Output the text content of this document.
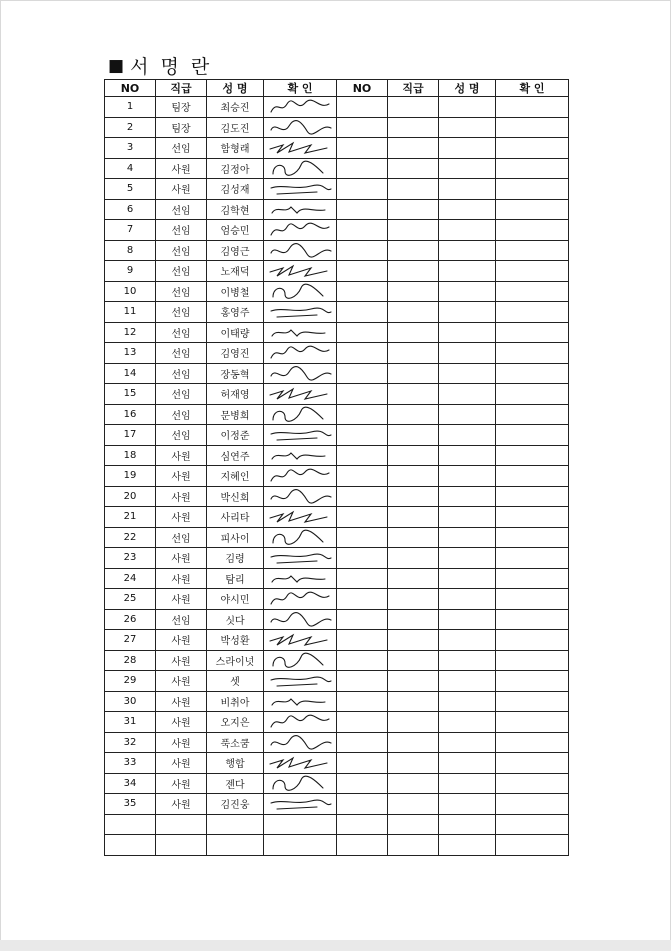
■ 서 명 란
NO	직급	성 명	확 인	NO	직급	성 명	확 인
1	팀장	최승진	

2	팀장	김도진	

3	선임	함형래	

4	사원	김정아	

5	사원	김성재	

6	선임	김학현	

7	선임	엄승민	

8	선임	김영근	

9	선임	노재덕	

10	선임	이병철	

11	선임	홍영주	

12	선임	이태량	

13	선임	김영진	

14	선임	장동혁	

15	선임	허재영	

16	선임	문병희	

17	선임	이정준	

18	사원	심연주	

19	사원	지혜인	

20	사원	박신희	

21	사원	사리타	

22	선임	피사이	

23	사원	김령	

24	사원	탐리	

25	사원	야시민	

26	선임	싯다	

27	사원	박성환	

28	사원	스라이넛	

29	사원	셋	

30	사원	비취아	

31	사원	오지은	

32	사원	푹소쿰	

33	사원	행합	

34	사원	젠다	

35	사원	김진웅	
